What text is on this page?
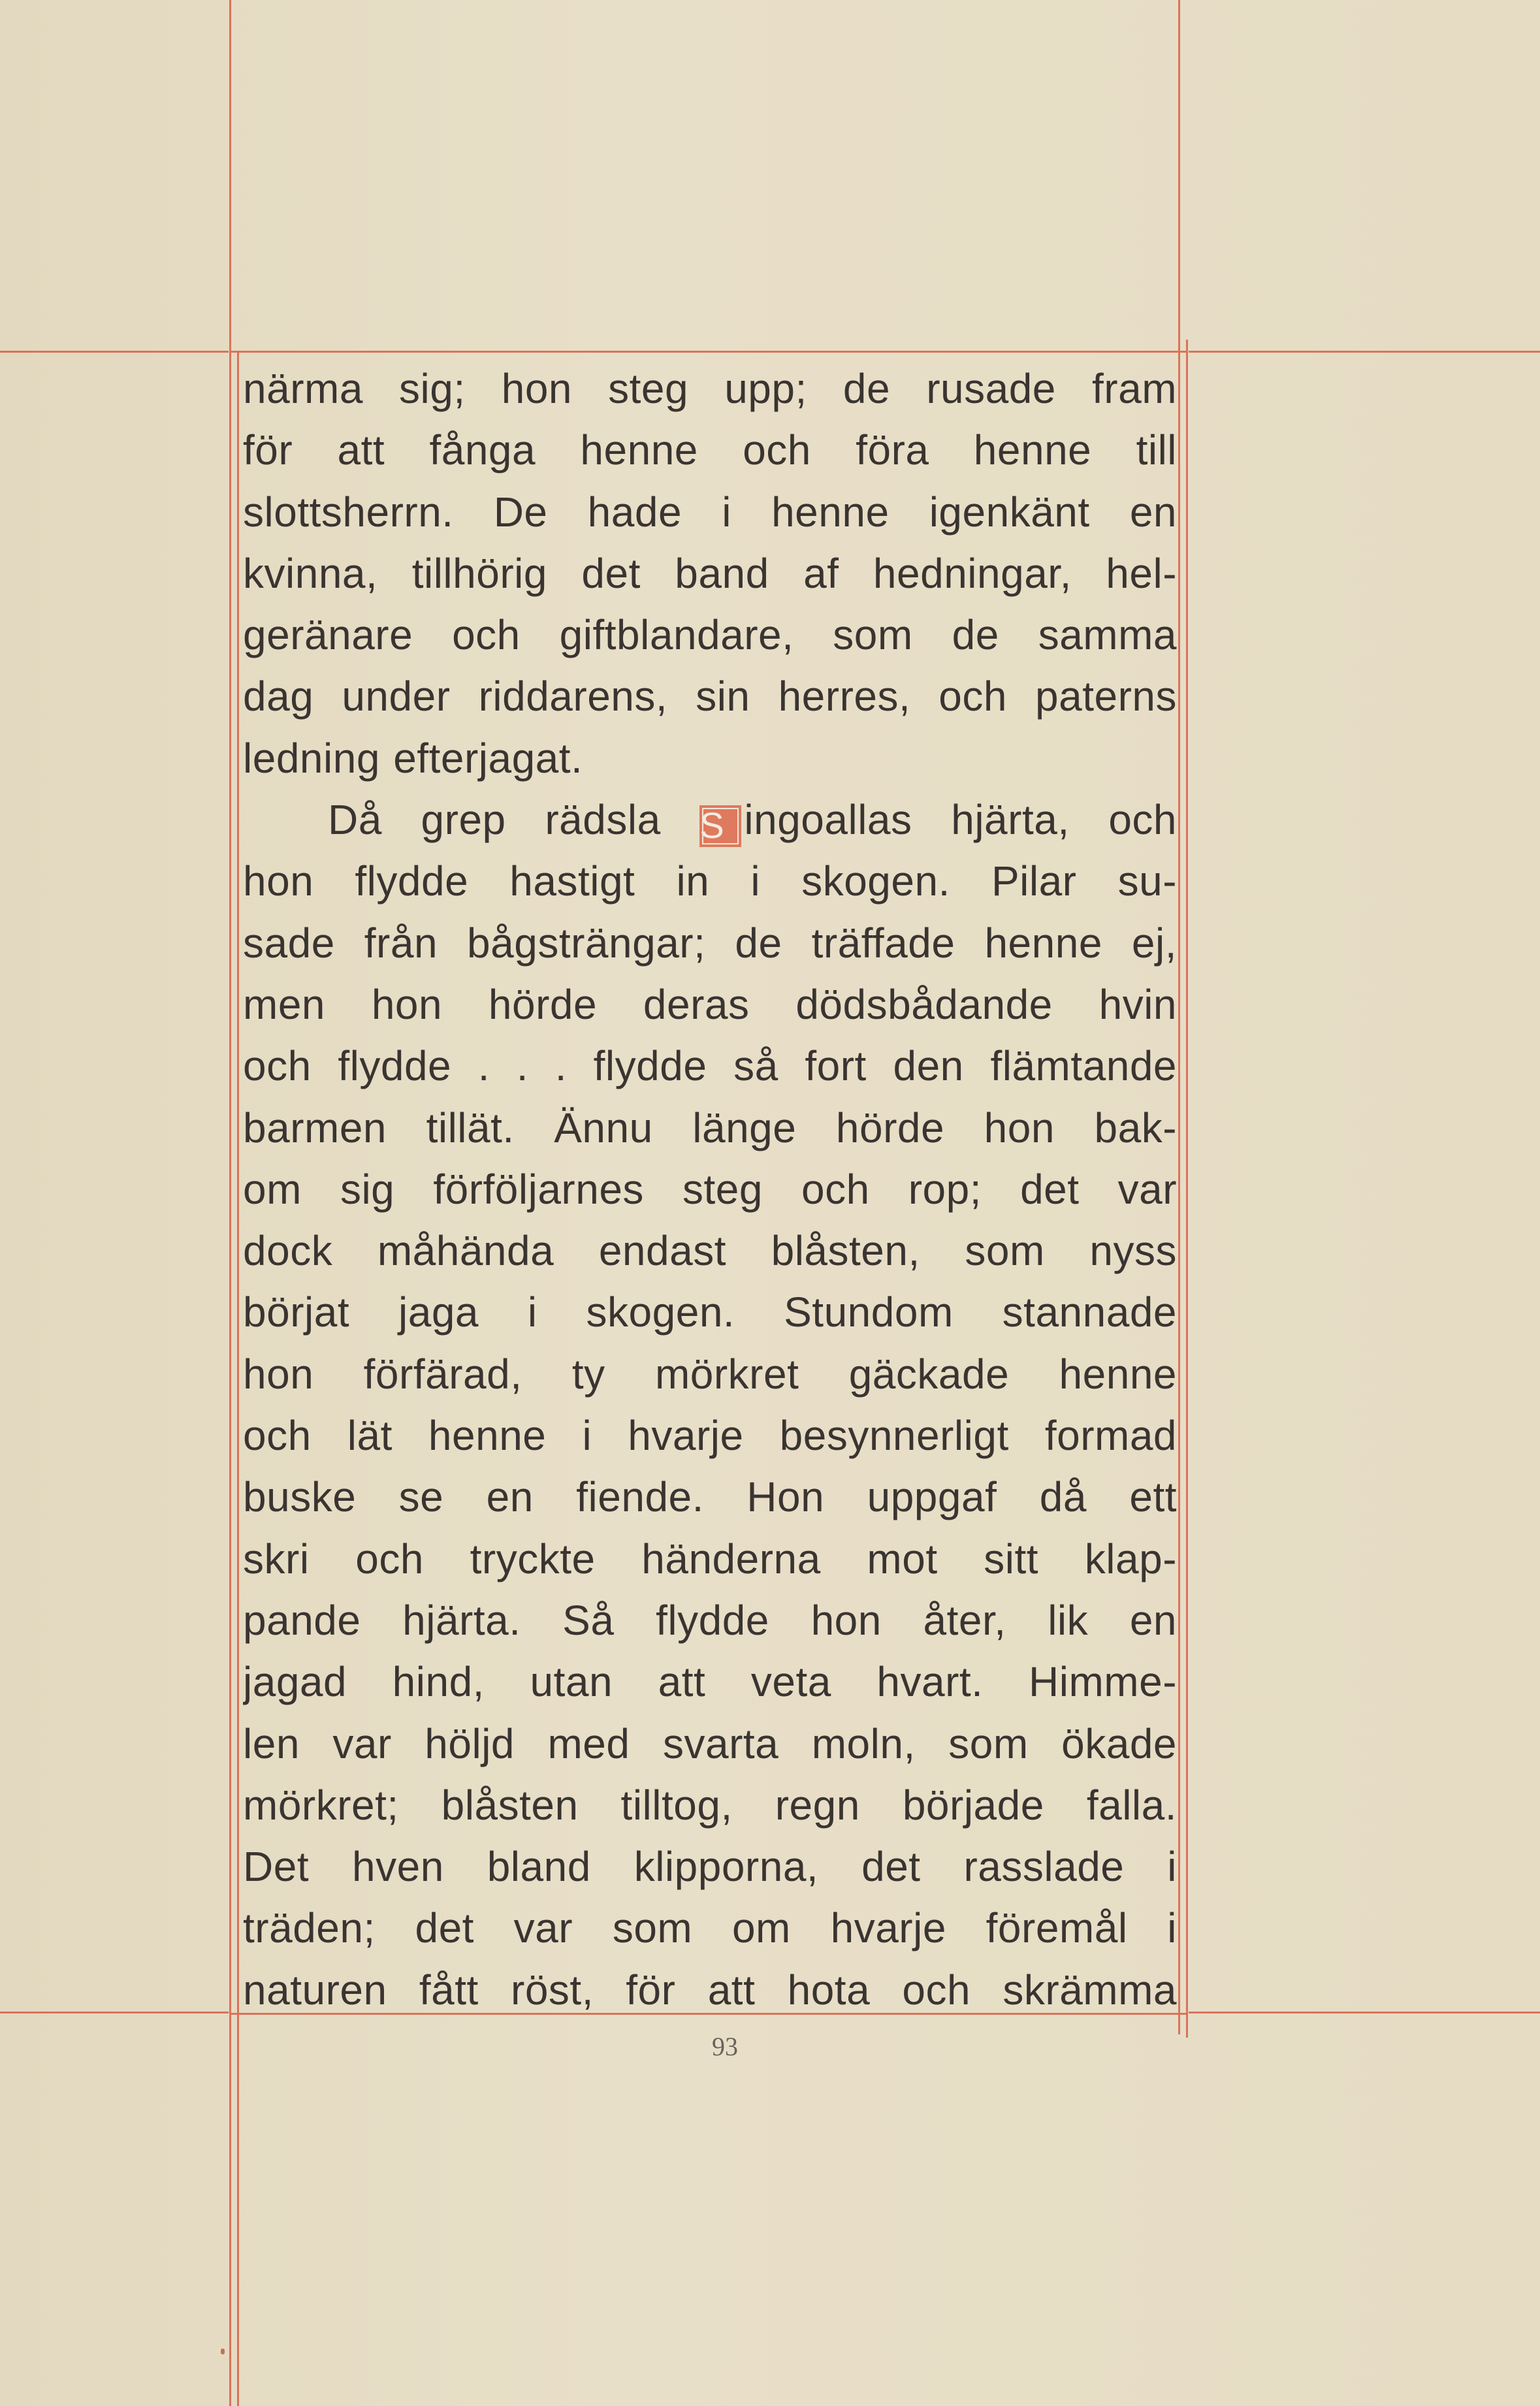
närma sig; hon steg upp; de rusade fram
för att fånga henne och föra henne till
slottsherrn. De hade i henne igenkänt en
kvinna, tillhörig det band af hedningar, hel-
geränare och giftblandare, som de samma
dag under riddarens, sin herres, och paterns
ledning efterjagat.
Då grep rädsla S ingoallas hjärta, och
hon flydde hastigt in i skogen. Pilar su-
sade från bågsträngar; de träffade henne ej,
men hon hörde deras dödsbådande hvin
och flydde . . . flydde så fort den flämtande
barmen tillät. Ännu länge hörde hon bak-
om sig förföljarnes steg och rop; det var
dock måhända endast blåsten, som nyss
börjat jaga i skogen. Stundom stannade
hon förfärad, ty mörkret gäckade henne
och lät henne i hvarje besynnerligt formad
buske se en fiende. Hon uppgaf då ett
skri och tryckte händerna mot sitt klap-
pande hjärta. Så flydde hon åter, lik en
jagad hind, utan att veta hvart. Himme-
len var höljd med svarta moln, som ökade
mörkret; blåsten tilltog, regn började falla.
Det hven bland klipporna, det rasslade i
träden; det var som om hvarje föremål i
naturen fått röst, för att hota och skrämma
93
